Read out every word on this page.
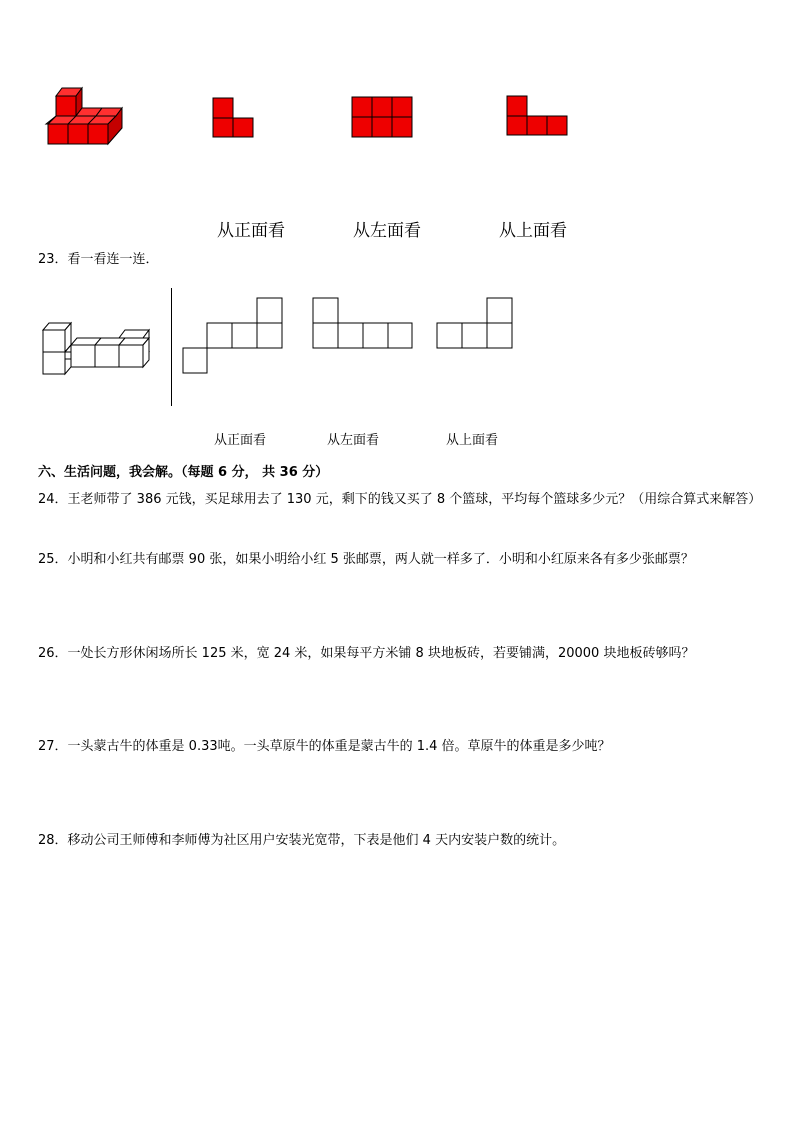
从正面看	从左面看	从上面看
23．看一看连一连．
从正面看	从左面看	从上面看
六、生活问题，我会解。（每题 6 分， 共 36 分）
24．王老师带了 386 元钱，买足球用去了 130 元，剩下的钱又买了 8 个篮球，平均每个篮球多少元？（用综合算式来解答）
25．小明和小红共有邮票 90 张，如果小明给小红 5 张邮票，两人就一样多了．小明和小红原来各有多少张邮票？
26．一处长方形休闲场所长 125 米，宽 24 米，如果每平方米铺 8 块地板砖，若要铺满，20000 块地板砖够吗？
27．一头蒙古牛的体重是 0.33吨。一头草原牛的体重是蒙古牛的 1.4 倍。草原牛的体重是多少吨？
28．移动公司王师傅和李师傅为社区用户安装光宽带，下表是他们 4 天内安装户数的统计。
